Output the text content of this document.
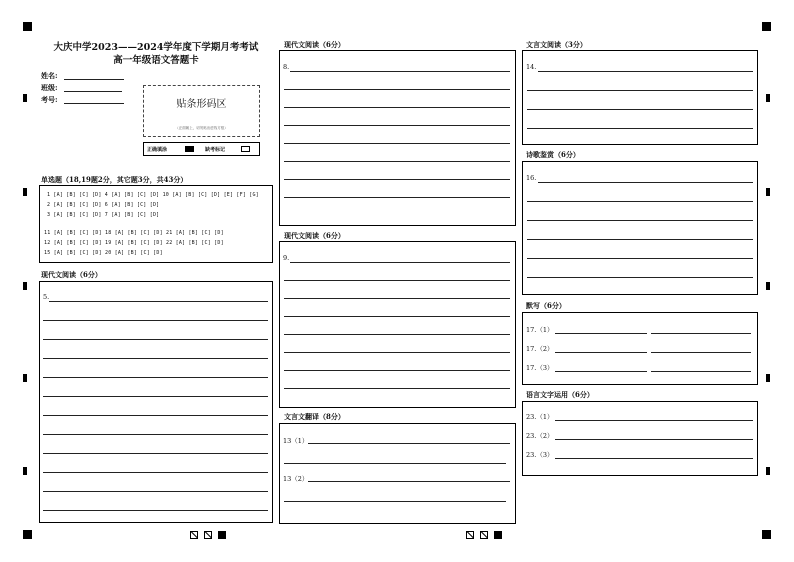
大庆中学2023——2024学年度下学期月考考试
高一年级语文答题卡
姓名:
班级:
考号:	贴条形码区
（正面朝上，切勿贴出虚线方框）
正确填涂	缺考标记
单选题（18,19题2分，其它题3分，共43分）
1 [A] [B] [C] [D] 4 [A] [B] [C] [D] 10 [A] [B] [C] [D] [E] [F] [G]
2 [A] [B] [C] [D] 6 [A] [B] [C] [D]
3 [A] [B] [C] [D] 7 [A] [B] [C] [D]
11 [A] [B] [C] [D] 18 [A] [B] [C] [D] 21 [A] [B] [C] [D]
12 [A] [B] [C] [D] 19 [A] [B] [C] [D] 22 [A] [B] [C] [D]
15 [A] [B] [C] [D] 20 [A] [B] [C] [D]
现代文阅读（6分）
5.
现代文阅读（6分）
8.
现代文阅读（6分）
9.
文言文翻译（8分）
13（1）
13（2）
文言文阅读（3分）
14.
诗歌鉴赏（6分）
16.
默写（6分）
17.（1）
17.（2）
17.（3）
语言文字运用（6分）
23.（1）
23.（2）
23.（3）
